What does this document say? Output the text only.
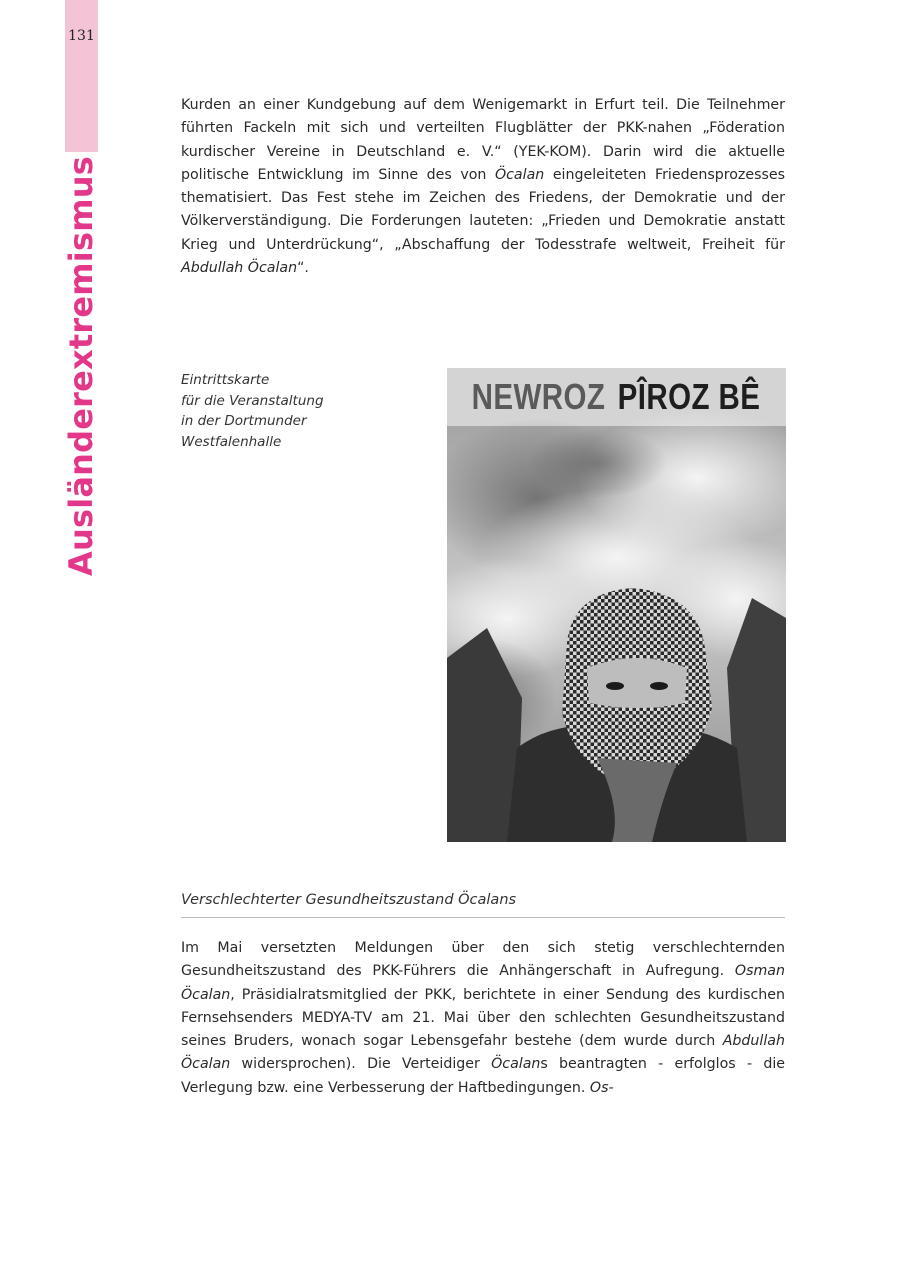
131
Ausländerextremismus

Kurden an einer Kundgebung auf dem Wenigemarkt in Erfurt teil. Die Teilnehmer führten Fackeln mit sich und verteilten Flugblätter der PKK-nahen „Föderation kurdischer Vereine in Deutschland e. V.“ (YEK-KOM). Darin wird die aktuelle politische Entwicklung im Sinne des von Öcalan eingeleiteten Friedensprozesses thematisiert. Das Fest stehe im Zeichen des Friedens, der Demokratie und der Völkerverständigung. Die Forderungen lauteten: „Frieden und Demokratie anstatt Krieg und Unterdrückung“, „Abschaffung der Todesstrafe weltweit, Freiheit für Abdullah Öcalan“.

Eintrittskarte
für die Veranstaltung
in der Dortmunder
Westfalenhalle
NEWROZ PÎROZ BÊ
Verschlechterter Gesundheitszustand Öcalans

Im Mai versetzten Meldungen über den sich stetig verschlechternden Gesundheitszustand des PKK-Führers die Anhängerschaft in Aufregung. Osman Öcalan, Präsidialratsmitglied der PKK, berichtete in einer Sendung des kurdischen Fernsehsenders MEDYA-TV am 21. Mai über den schlechten Gesundheitszustand seines Bruders, wonach sogar Lebensgefahr bestehe (dem wurde durch Abdullah Öcalan widersprochen). Die Verteidiger Öcalans beantragten - erfolglos - die Verlegung bzw. eine Verbesserung der Haftbedingungen. Os-
